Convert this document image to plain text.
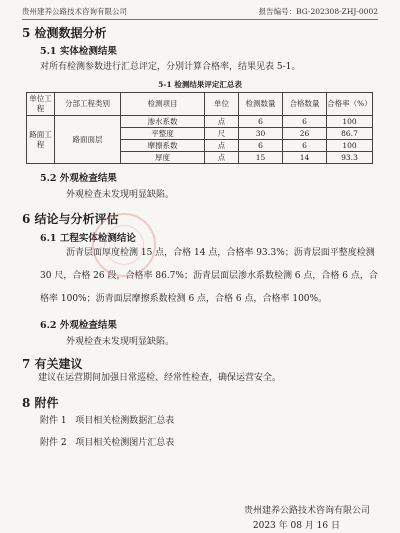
贵州建养公路技术咨询有限公司	报告编号：BG-202308-ZHJ-0002
5 检测数据分析
5.1 实体检测结果
对所有检测参数进行汇总评定，分别计算合格率，结果见表 5-1。
5-1 检测结果评定汇总表
单位工程	分部工程类别	检测项目	单位	检测数量	合格数量	合格率（%）
路面工程	路面面层	渗水系数	点	6	6	100
		平整度	尺	30	26	86.7
		摩擦系数	点	6	6	100
		厚度	点	15	14	93.3
5.2 外观检查结果
外观检查未发现明显缺陷。
6 结论与分析评估
6.1 工程实体检测结论
沥青层面厚度检测 15 点，合格 14 点，合格率 93.3%；沥青层面平整度检测
30 尺，合格 26 段，合格率 86.7%；沥青层面层渗水系数检测 6 点，合格 6 点，合
格率 100%；沥青面层摩擦系数检测 6 点，合格 6 点，合格率 100%。
6.2 外观检查结果
外观检查未发现明显缺陷。
7 有关建议
建议在运营期间加强日常巡检、经常性检查，确保运营安全。
8 附件
附件 1 项目相关检测数据汇总表
附件 2 项目相关检测图片汇总表
贵州建养公路技术咨询有限公司
2023 年 08 月 16 日
